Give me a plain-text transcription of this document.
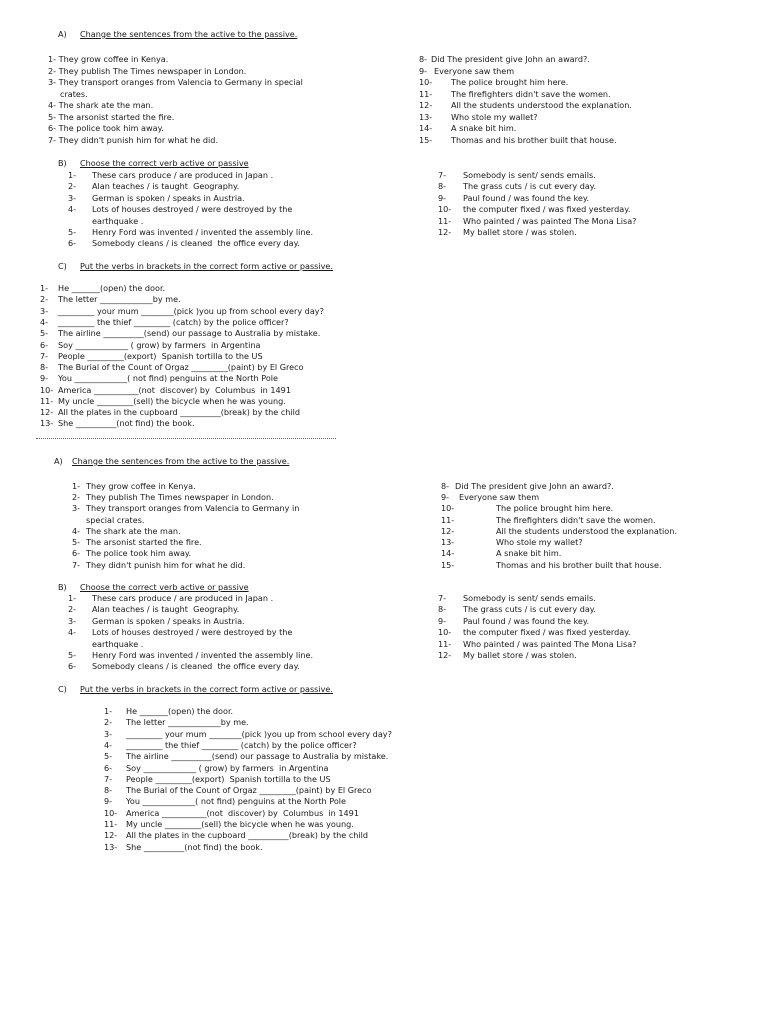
A) Change the sentences from the active to the passive.
1- They grow coffee in Kenya.
2- They publish The Times newspaper in London.
3- They transport oranges from Valencia to Germany in special
crates.
4- The shark ate the man.
5- The arsonist started the fire.
6- The police took him away.
7- They didn't punish him for what he did.
8- Did The president give John an award?.
9- Everyone saw them
10- The police brought him here.
11- The firefighters didn't save the women.
12- All the students understood the explanation.
13- Who stole my wallet?
14- A snake bit him.
15- Thomas and his brother built that house.
B) Choose the correct verb active or passive
1- These cars produce / are produced in Japan .
2- Alan teaches / is taught  Geography.
3- German is spoken / speaks in Austria.
4- Lots of houses destroyed / were destroyed by the
earthquake .
5- Henry Ford was invented / invented the assembly line.
6- Somebody cleans / is cleaned  the office every day.
7- Somebody is sent/ sends emails.
8- The grass cuts / is cut every day.
9- Paul found / was found the key.
10- the computer fixed / was fixed yesterday.
11- Who painted / was painted The Mona Lisa?
12- My ballet store / was stolen.
C) Put the verbs in brackets in the correct form active or passive.
1- He _______(open) the door.
2- The letter _____________by me.
3- _________ your mum ________(pick )you up from school every day?
4- _________ the thief _________ (catch) by the police officer?
5- The airline __________(send) our passage to Australia by mistake.
6- Soy _____________ ( grow) by farmers  in Argentina
7- People _________(export)  Spanish tortilla to the US
8- The Burial of the Count of Orgaz _________(paint) by El Greco
9- You _____________( not find) penguins at the North Pole
10- America ___________(not  discover) by  Columbus  in 1491
11- My uncle _________(sell) the bicycle when he was young.
12- All the plates in the cupboard __________(break) by the child
13- She __________(not find) the book.
A) Change the sentences from the active to the passive.
1- They grow coffee in Kenya.
2- They publish The Times newspaper in London.
3- They transport oranges from Valencia to Germany in
special crates.
4- The shark ate the man.
5- The arsonist started the fire.
6- The police took him away.
7- They didn't punish him for what he did.
8- Did The president give John an award?.
9- Everyone saw them
10-	The police brought him here.
11-	The firefighters didn't save the women.
12-	All the students understood the explanation.
13-	Who stole my wallet?
14-	A snake bit him.
15-	Thomas and his brother built that house.
B) Choose the correct verb active or passive
1- These cars produce / are produced in Japan .
2- Alan teaches / is taught  Geography.
3- German is spoken / speaks in Austria.
4- Lots of houses destroyed / were destroyed by the
earthquake .
5- Henry Ford was invented / invented the assembly line.
6- Somebody cleans / is cleaned  the office every day.
7- Somebody is sent/ sends emails.
8- The grass cuts / is cut every day.
9- Paul found / was found the key.
10- the computer fixed / was fixed yesterday.
11- Who painted / was painted The Mona Lisa?
12- My ballet store / was stolen.
C) Put the verbs in brackets in the correct form active or passive.
1- He _______(open) the door.
2- The letter _____________by me.
3- _________ your mum ________(pick )you up from school every day?
4- _________ the thief _________ (catch) by the police officer?
5- The airline __________(send) our passage to Australia by mistake.
6- Soy _____________ ( grow) by farmers  in Argentina
7- People _________(export)  Spanish tortilla to the US
8- The Burial of the Count of Orgaz _________(paint) by El Greco
9- You _____________( not find) penguins at the North Pole
10- America ___________(not  discover) by  Columbus  in 1491
11- My uncle _________(sell) the bicycle when he was young.
12- All the plates in the cupboard __________(break) by the child
13- She __________(not find) the book.
